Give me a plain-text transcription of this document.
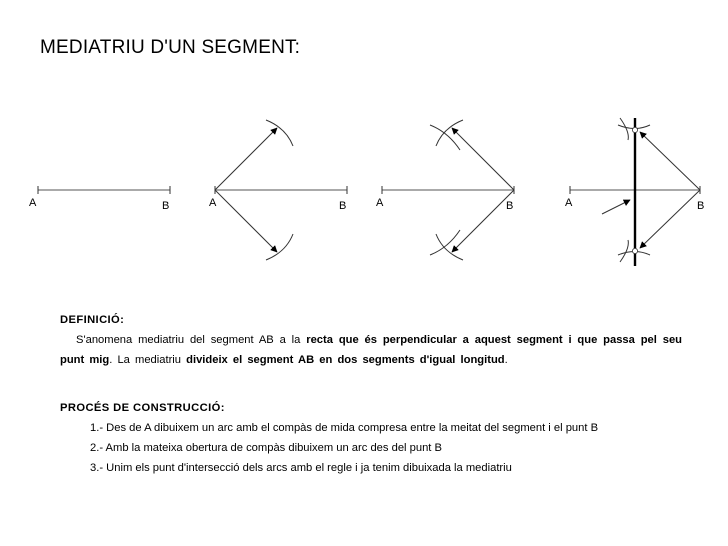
MEDIATRIU D'UN SEGMENT:
A	B	A	B	A	B	A	B
DEFINICIÓ:
S'anomena mediatriu del segment AB a la recta que és perpendicular a aquest segment i que passa pel seu punt mig. La mediatriu divideix el segment AB en dos segments d'igual longitud.
PROCÉS DE CONSTRUCCIÓ:
1.- Des de A dibuixem un arc amb el compàs de mida compresa entre la meitat del segment i el punt B
2.- Amb la mateixa obertura de compàs dibuixem un arc des del punt B
3.- Unim els punt d'intersecció dels arcs amb el regle i ja tenim dibuixada la mediatriu
